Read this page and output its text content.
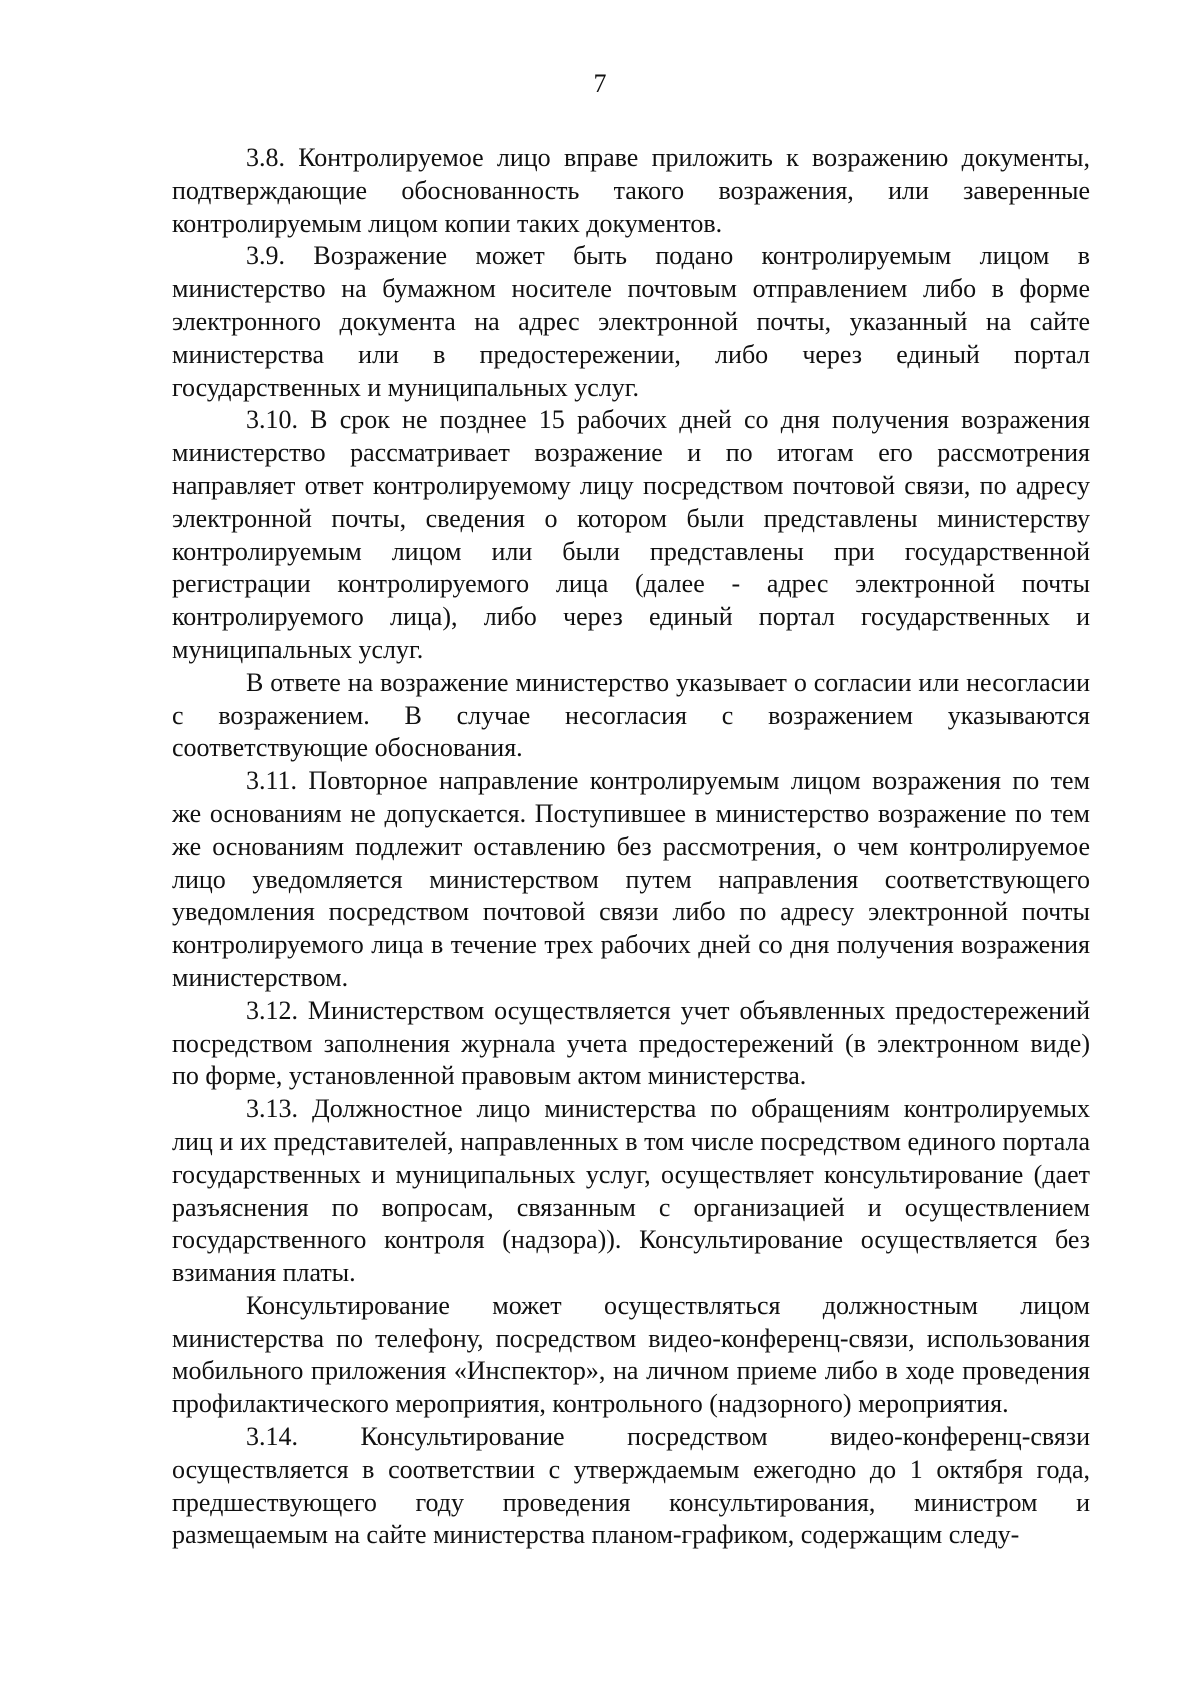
7

3.8. Контролируемое лицо вправе приложить к возражению документы, подтверждающие обоснованность такого возражения, или заверенные контролируемым лицом копии таких документов.

3.9. Возражение может быть подано контролируемым лицом в министерство на бумажном носителе почтовым отправлением либо в форме электронного документа на адрес электронной почты, указанный на сайте министерства или в предостережении, либо через единый портал государственных и муниципальных услуг.

3.10. В срок не позднее 15 рабочих дней со дня получения возражения министерство рассматривает возражение и по итогам его рассмотрения направляет ответ контролируемому лицу посредством почтовой связи, по адресу электронной почты, сведения о котором были представлены министерству контролируемым лицом или были представлены при государственной регистрации контролируемого лица (далее - адрес электронной почты контролируемого лица), либо через единый портал государственных и муниципальных услуг.

В ответе на возражение министерство указывает о согласии или несогласии с возражением. В случае несогласия с возражением указываются соответствующие обоснования.

3.11. Повторное направление контролируемым лицом возражения по тем же основаниям не допускается. Поступившее в министерство возражение по тем же основаниям подлежит оставлению без рассмотрения, о чем контролируемое лицо уведомляется министерством путем направления соответствующего уведомления посредством почтовой связи либо по адресу электронной почты контролируемого лица в течение трех рабочих дней со дня получения возражения министерством.

3.12. Министерством осуществляется учет объявленных предостережений посредством заполнения журнала учета предостережений (в электронном виде) по форме, установленной правовым актом министерства.

3.13. Должностное лицо министерства по обращениям контролируемых лиц и их представителей, направленных в том числе посредством единого портала государственных и муниципальных услуг, осуществляет консультирование (дает разъяснения по вопросам, связанным с организацией и осуществлением государственного контроля (надзора)). Консультирование осуществляется без взимания платы.

Консультирование может осуществляться должностным лицом министерства по телефону, посредством видео-конференц-связи, использования мобильного приложения «Инспектор», на личном приеме либо в ходе проведения профилактического мероприятия, контрольного (надзорного) мероприятия.

3.14. Консультирование посредством видео-конференц-связи осуществляется в соответствии с утверждаемым ежегодно до 1 октября года, предшествующего году проведения консультирования, министром и размещаемым на сайте министерства планом-графиком, содержащим следу-
